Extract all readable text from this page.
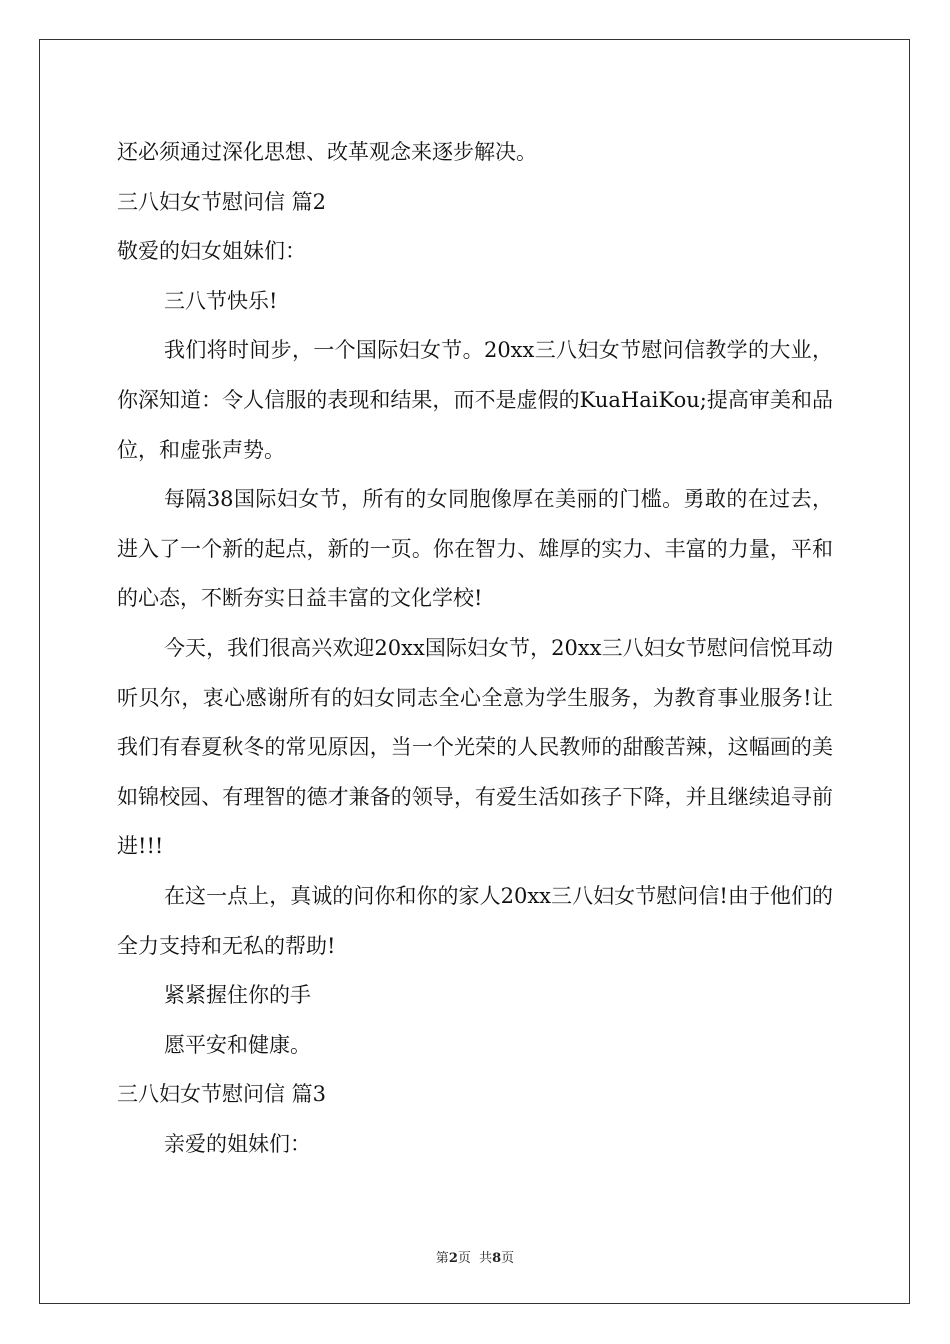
还必须通过深化思想、改革观念来逐步解决。

三八妇女节慰问信 篇2

敬爱的妇女姐妹们：

三八节快乐!

我们将时间步，一个国际妇女节。20xx三八妇女节慰问信教学的大业，你深知道：令人信服的表现和结果，而不是虚假的KuaHaiKou;提高审美和品位，和虚张声势。

每隔38国际妇女节，所有的女同胞像厚在美丽的门槛。勇敢的在过去，进入了一个新的起点，新的一页。你在智力、雄厚的实力、丰富的力量，平和的心态，不断夯实日益丰富的文化学校!

今天，我们很高兴欢迎20xx国际妇女节，20xx三八妇女节慰问信悦耳动听贝尔，衷心感谢所有的妇女同志全心全意为学生服务，为教育事业服务!让我们有春夏秋冬的常见原因，当一个光荣的人民教师的甜酸苦辣，这幅画的美如锦校园、有理智的德才兼备的领导，有爱生活如孩子下降，并且继续追寻前进!!!

在这一点上，真诚的问你和你的家人20xx三八妇女节慰问信!由于他们的全力支持和无私的帮助!

紧紧握住你的手

愿平安和健康。

三八妇女节慰问信 篇3

亲爱的姐妹们：

第2页  共8页
